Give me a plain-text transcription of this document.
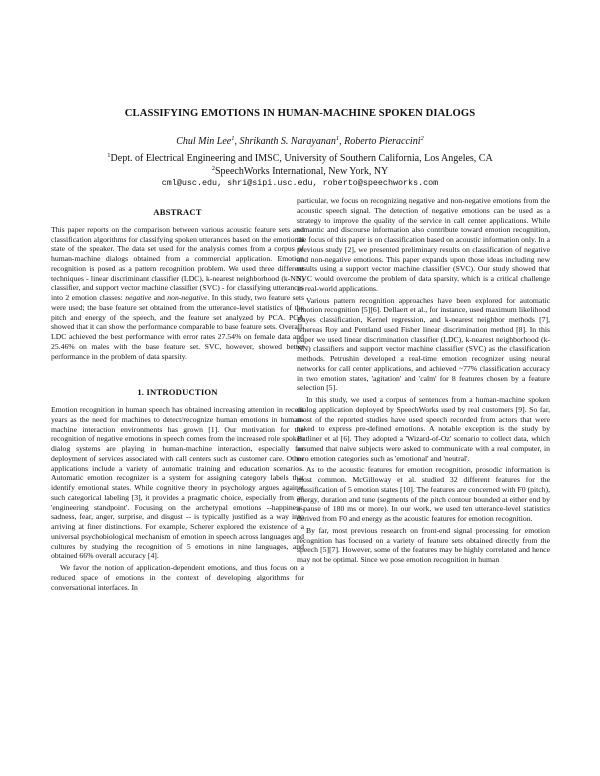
CLASSIFYING EMOTIONS IN HUMAN-MACHINE SPOKEN DIALOGS
Chul Min Lee$^1$, Shrikanth S. Narayanan$^1$, Roberto Pieraccini$^2$
$^1$Dept. of Electrical Engineering and IMSC, University of Southern California, Los Angeles, CA
$^2$SpeechWorks International, New York, NY
cml@usc.edu, shri@sipi.usc.edu, roberto@speechworks.com
ABSTRACT

This paper reports on the comparison between various acoustic feature sets and classification algorithms for classifying spoken utterances based on the emotional state of the speaker. The data set used for the analysis comes from a corpus of human-machine dialogs obtained from a commercial application. Emotion recognition is posed as a pattern recognition problem. We used three different techniques - linear discriminant classifier (LDC), k-nearest neighborhood (k-NN) classifier, and support vector machine classifier (SVC) - for classifying utterances into 2 emotion classes: negative and non-negative. In this study, two feature sets were used; the base feature set obtained from the utterance-level statistics of the pitch and energy of the speech, and the feature set analyzed by PCA. PCA showed that it can show the performance comparable to base feature sets. Overall, LDC achieved the best performance with error rates 27.54% on female data and 25.46% on males with the base feature set. SVC, however, showed better performance in the problem of data sparsity.

1. INTRODUCTION

Emotion recognition in human speech has obtained increasing attention in recent years as the need for machines to detect/recognize human emotions in human-machine interaction environments has grown [1]. Our motivation for the recognition of negative emotions in speech comes from the increased role spoken dialog systems are playing in human-machine interaction, especially for deployment of services associated with call centers such as customer care. Other applications include a variety of automatic training and education scenarios. Automatic emotion recognizer is a system for assigning category labels that identify emotional states. While cognitive theory in psychology argues against such categorical labeling [3], it provides a pragmatic choice, especially from an 'engineering standpoint'. Focusing on the archetypal emotions --happiness, sadness, fear, anger, surprise, and disgust -- is typically justified as a way into arriving at finer distinctions. For example, Scherer explored the existence of a universal psychobiological mechanism of emotion in speech across languages and cultures by studying the recognition of 5 emotions in nine languages, and obtained 66% overall accuracy [4].

We favor the notion of application-dependent emotions, and thus focus on a reduced space of emotions in the context of developing algorithms for conversational interfaces. In

particular, we focus on recognizing negative and non-negative emotions from the acoustic speech signal. The detection of negative emotions can be used as a strategy to improve the quality of the service in call center applications. While semantic and discourse information also contribute toward emotion recognition, the focus of this paper is on classification based on acoustic information only. In a previous study [2], we presented preliminary results on classification of negative and non-negative emotions. This paper expands upon those ideas including new results using a support vector machine classifier (SVC). Our study showed that SVC would overcome the problem of data sparsity, which is a critical challenge in real-world applications.

Various pattern recognition approaches have been explored for automatic emotion recognition [5][6]. Dellaert et al., for instance, used maximum likelihood Bayes classification, Kernel regression, and k-nearest neighbor methods [7], whereas Roy and Pentland used Fisher linear discrimination method [8]. In this paper we used linear discrimination classifier (LDC), k-nearest neighborhood (k-NN) classifiers and support vector machine classifier (SVC) as the classification methods. Petrushin developed a real-time emotion recognizer using neural networks for call center applications, and achieved ~77% classification accuracy in two emotion states, 'agitation' and 'calm' for 8 features chosen by a feature selection [5].

In this study, we used a corpus of sentences from a human-machine spoken dialog application deployed by SpeechWorks used by real customers [9]. So far, most of the reported studies have used speech recorded from actors that were asked to express pre-defined emotions. A notable exception is the study by Batliner et al [6]. They adopted a 'Wizard-of-Oz' scenario to collect data, which assumed that naive subjects were asked to communicate with a real computer, in two emotion categories such as 'emotional' and 'neutral'.

As to the acoustic features for emotion recognition, prosodic information is most common. McGilloway et al. studied 32 different features for the classification of 5 emotion states [10]. The features are concerned with F0 (pitch), energy, duration and tune (segments of the pitch contour bounded at either end by a pause of 180 ms or more). In our work, we used ten utterance-level statistics derived from F0 and energy as the acoustic features for emotion recognition.

By far, most previous research on front-end signal processing for emotion recognition has focused on a variety of feature sets obtained directly from the speech [5][7]. However, some of the features may be highly correlated and hence may not be optimal. Since we pose emotion recognition in human
